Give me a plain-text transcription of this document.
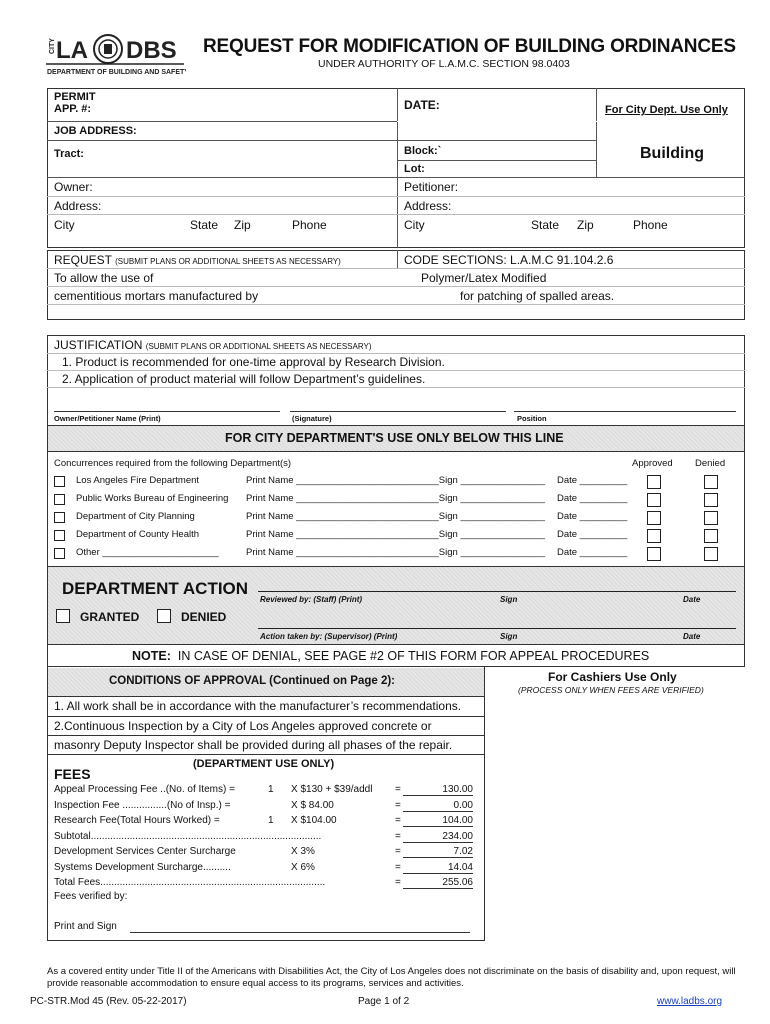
CITY LA DBS
DEPARTMENT OF BUILDING AND SAFETY
REQUEST FOR MODIFICATION OF BUILDING ORDINANCES
UNDER AUTHORITY OF L.A.M.C. SECTION 98.0403
PERMIT
APP. #:	DATE:	For City Dept. Use Only
JOB ADDRESS:
Tract:	Block:`
Lot:
Building
Owner:	Petitioner:
Address:	Address:
City	State Zip	Phone	City	State Zip	Phone
REQUEST (SUBMIT PLANS OR ADDITIONAL SHEETS AS NECESSARY)	CODE SECTIONS: L.A.M.C 91.104.2.6
To allow the use of	Polymer/Latex Modified
cementitious mortars manufactured by	for patching of spalled areas.
JUSTIFICATION (SUBMIT PLANS OR ADDITIONAL SHEETS AS NECESSARY)
1. Product is recommended for one-time approval by Research Division.
2. Application of product material will follow Department’s guidelines.
Owner/Petitioner Name (Print)	(Signature)	Position
FOR CITY DEPARTMENT'S USE ONLY BELOW THIS LINE
Concurrences required from the following Department(s)	Approved Denied
Los Angeles Fire Department	Print Name ___________________________Sign ________________ Date _________
Public Works Bureau of Engineering Print Name ___________________________Sign ________________ Date _________
Department of City Planning	Print Name ___________________________Sign ________________ Date _________
Department of County Health	Print Name ___________________________Sign ________________ Date _________
Other ______________________	Print Name ___________________________Sign ________________ Date _________
DEPARTMENT ACTION
GRANTED	DENIED
Reviewed by: (Staff) (Print)	Sign	Date
Action taken by: (Supervisor) (Print)	Sign	Date
NOTE: IN CASE OF DENIAL, SEE PAGE #2 OF THIS FORM FOR APPEAL PROCEDURES
CONDITIONS OF APPROVAL (Continued on Page 2):
1. All work shall be in accordance with the manufacturer’s recommendations.
2.Continuous Inspection by a City of Los Angeles approved concrete or
masonry Deputy Inspector shall be provided during all phases of the repair.
(DEPARTMENT USE ONLY)
FEES
Appeal Processing Fee ..(No. of Items) =	1 X $130 + $39/addl =	130.00
Inspection Fee ................(No of Insp.) =	X $ 84.00	=	0.00
Research Fee(Total Hours Worked) =	1 X $104.00	=	104.00
Subtotal...................................................................................	=	234.00
Development Services Center Surcharge	X 3%	=	7.02
Systems Development Surcharge..........	X 6%	=	14.04
Total Fees.................................................................................	=	255.06
Fees verified by:
Print and Sign
For Cashiers Use Only
(PROCESS ONLY WHEN FEES ARE VERIFIED)
As a covered entity under Title II of the Americans with Disabilities Act, the City of Los Angeles does not discriminate on the basis of disability and, upon request, will provide reasonable accommodation to ensure equal access to its programs, services and activities.
PC-STR.Mod 45 (Rev. 05-22-2017)	Page 1 of 2	www.ladbs.org
